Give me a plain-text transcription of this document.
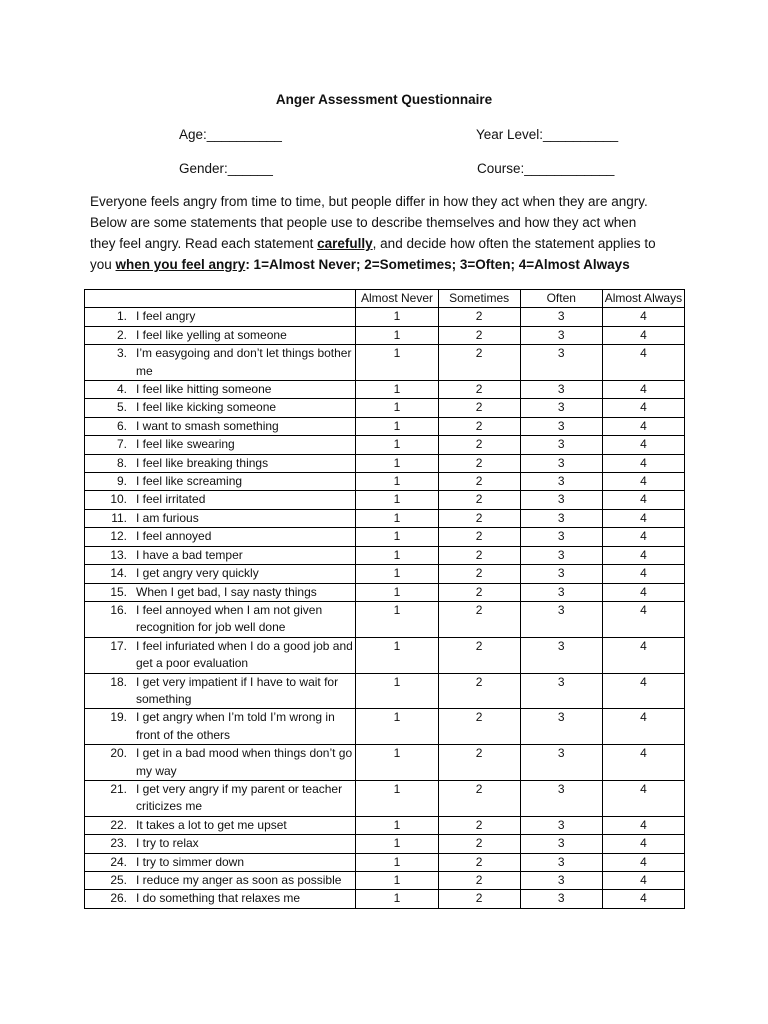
Anger Assessment Questionnaire
Age:__________	Year Level:__________
Gender:______	Course:____________

Everyone feels angry from time to time, but people differ in how they act when they are angry.

Below are some statements that people use to describe themselves and how they act when

they feel angry. Read each statement carefully, and decide how often the statement applies to

you when you feel angry: 1=Almost Never; 2=Sometimes; 3=Often; 4=Almost Always

	Almost Never	Sometimes	Often	Almost Always

1. I feel angry	1	2	3	4

2. I feel like yelling at someone	1	2	3	4

3. I’m easygoing and don’t let things bother me	1	2	3	4

4. I feel like hitting someone	1	2	3	4

5. I feel like kicking someone	1	2	3	4

6. I want to smash something	1	2	3	4

7. I feel like swearing	1	2	3	4

8. I feel like breaking things	1	2	3	4

9. I feel like screaming	1	2	3	4

10. I feel irritated	1	2	3	4

11. I am furious	1	2	3	4

12. I feel annoyed	1	2	3	4

13. I have a bad temper	1	2	3	4

14. I get angry very quickly	1	2	3	4

15. When I get bad, I say nasty things	1	2	3	4

16. I feel annoyed when I am not given recognition for job well done	1	2	3	4

17. I feel infuriated when I do a good job and get a poor evaluation	1	2	3	4

18. I get very impatient if I have to wait for something	1	2	3	4

19. I get angry when I’m told I’m wrong in front of the others	1	2	3	4

20. I get in a bad mood when things don’t go my way	1	2	3	4

21. I get very angry if my parent or teacher criticizes me	1	2	3	4

22. It takes a lot to get me upset	1	2	3	4

23. I try to relax	1	2	3	4

24. I try to simmer down	1	2	3	4

25. I reduce my anger as soon as possible	1	2	3	4

26. I do something that relaxes me	1	2	3	4
